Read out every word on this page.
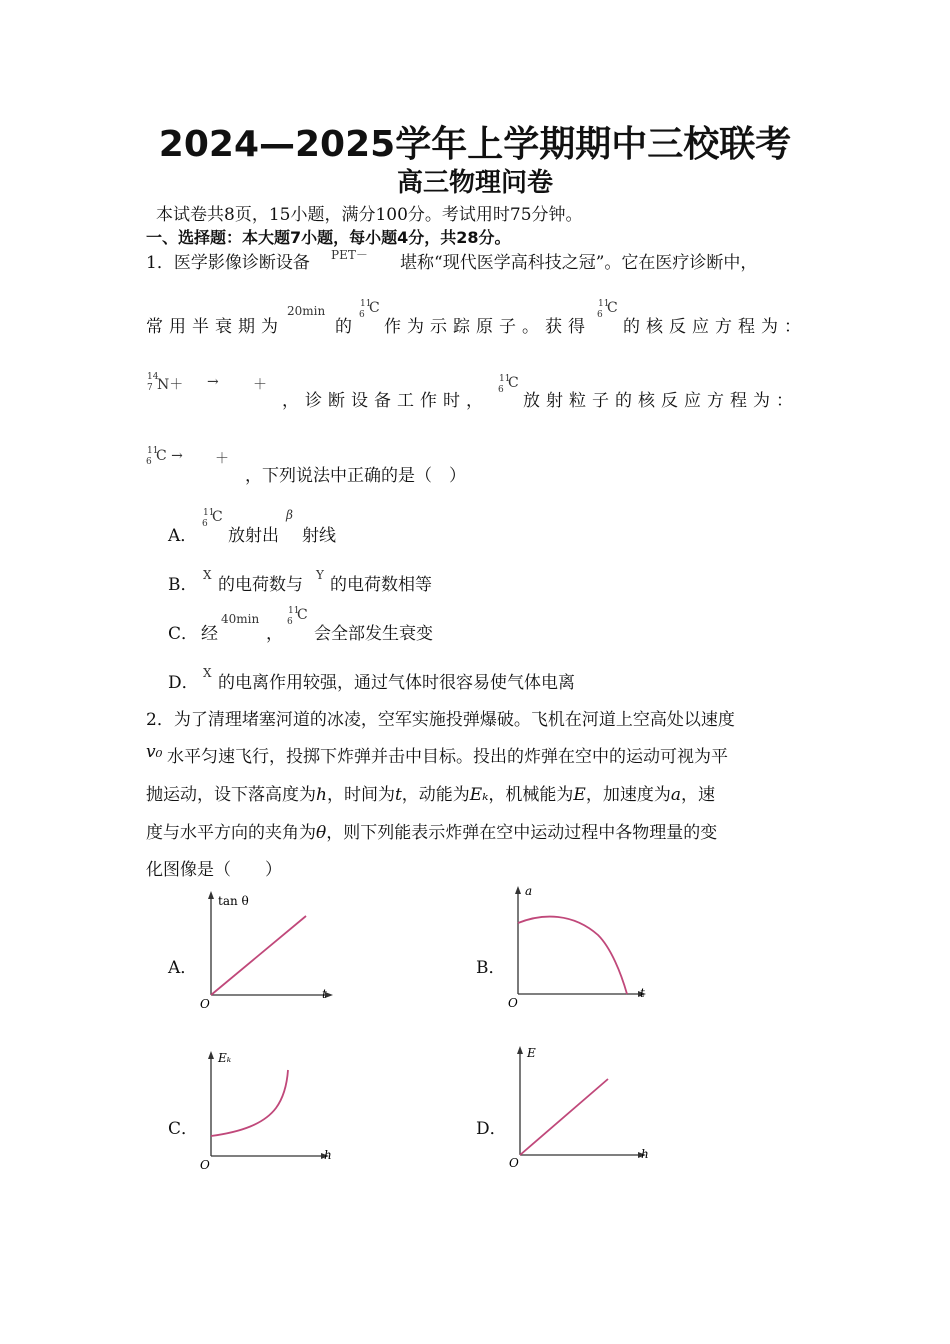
2024—2025学年上学期期中三校联考
高三物理问卷
本试卷共8页，15小题，满分100分。考试用时75分钟。
一、选择题：本大题7小题，每小题4分，共28分。
1．医学影像诊断设备 PET－ 堪称“现代医学高科技之冠”。它在医疗诊断中，
常用半衰期为
20min
的
11
6 C
作为示踪原子。获得
11
6 C
的核反应方程为：
14
7 N＋ → ＋
，诊断设备工作时，
11
6 C
放射粒子的核反应方程为：
11
6 C → ＋
，下列说法中正确的是（　）
A．
11
6 C
放射出
β
射线
B． X 的电荷数与 Y 的电荷数相等
C． 经
40min
，
11
6 C
会全部发生衰变
D． X 的电离作用较强，通过气体时很容易使气体电离
2．为了清理堵塞河道的冰凌，空军实施投弹爆破。飞机在河道上空高处以速度
v₀ 水平匀速飞行，投掷下炸弹并击中目标。投出的炸弹在空中的运动可视为平
抛运动，设下落高度为h，时间为t，动能为Eₖ，机械能为E，加速度为a，速
度与水平方向的夹角为θ，则下列能表示炸弹在空中运动过程中各物理量的变
化图像是（　　）
A．
tan θ
t
O
B．
a
t
O
C．
Eₖ
h
O
D．
E
h
O
